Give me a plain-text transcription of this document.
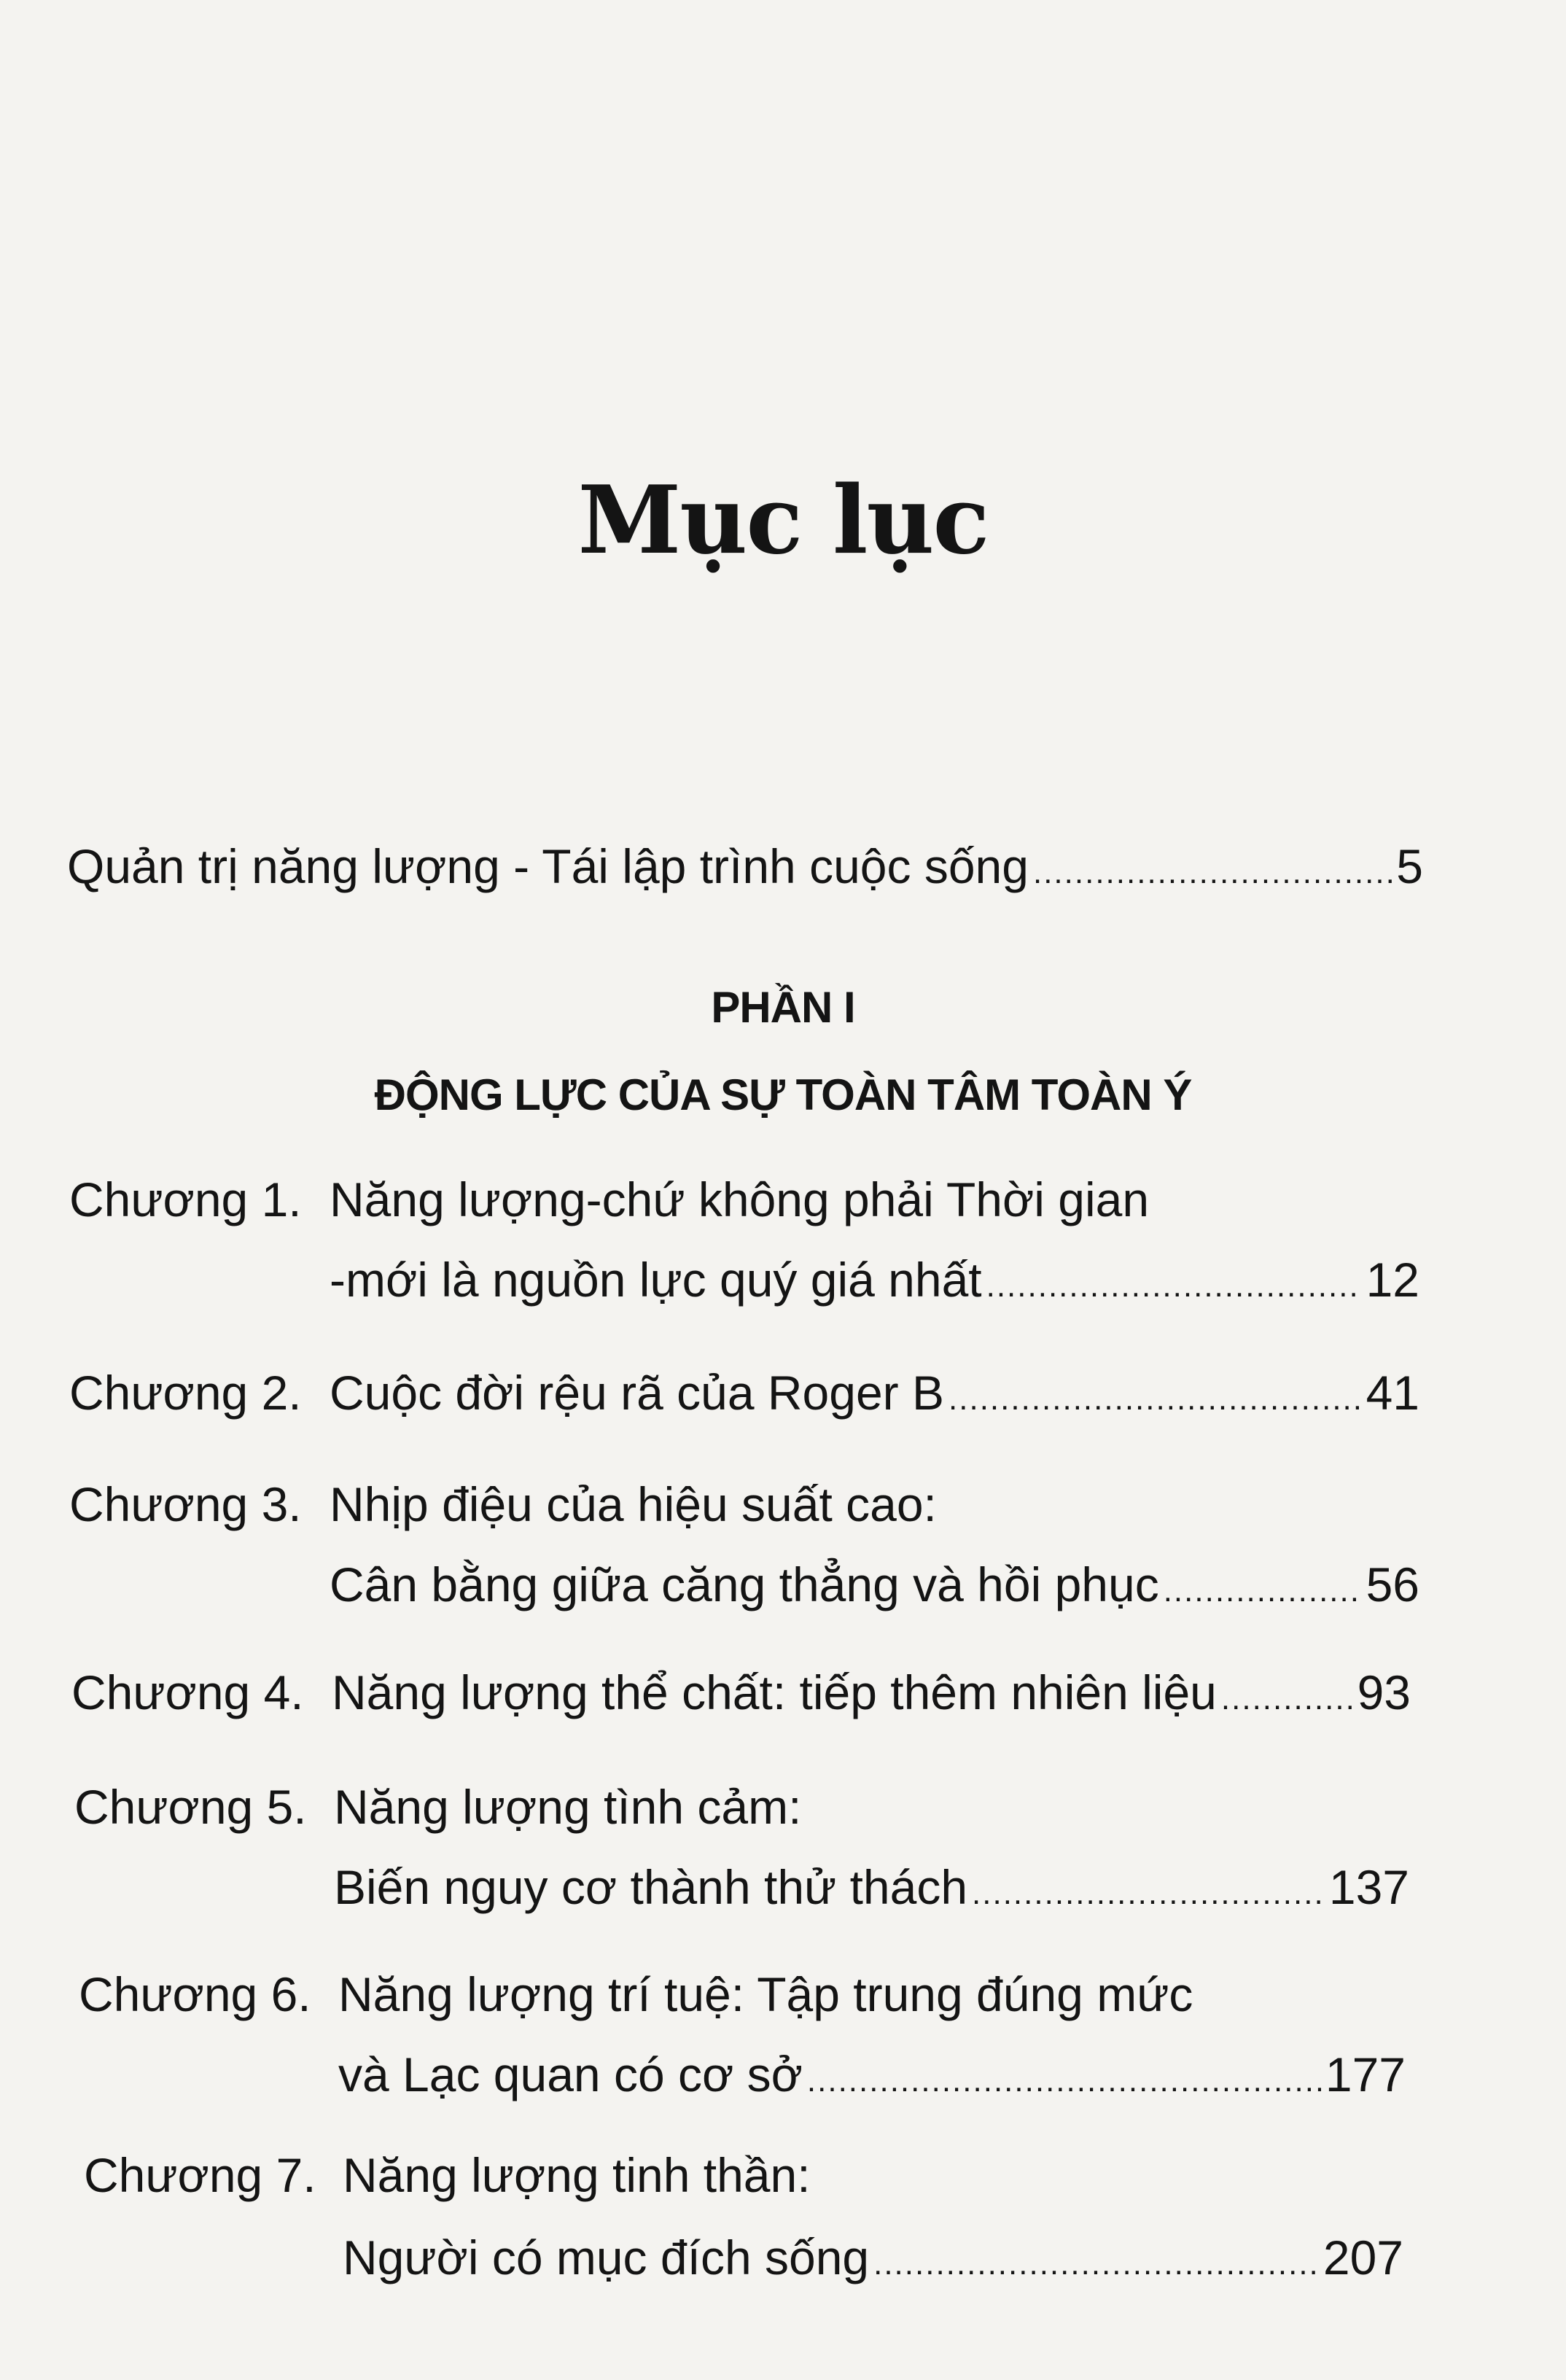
Mục lục
Quản trị năng lượng - Tái lập trình cuộc sống .....	5
PHẦN I
ĐỘNG LỰC CỦA SỰ TOÀN TÂM TOÀN Ý
Chương 1. Năng lượng-chứ không phải Thời gian
-mới là nguồn lực quý giá nhất .....	12
Chương 2. Cuộc đời rệu rã của Roger B .....	41
Chương 3. Nhịp điệu của hiệu suất cao:
Cân bằng giữa căng thẳng và hồi phục .....	56
Chương 4. Năng lượng thể chất: tiếp thêm nhiên liệu .....	93
Chương 5. Năng lượng tình cảm:
Biến nguy cơ thành thử thách .....	137
Chương 6. Năng lượng trí tuệ: Tập trung đúng mức
và Lạc quan có cơ sở .....	177
Chương 7. Năng lượng tinh thần:
Người có mục đích sống .....	207
